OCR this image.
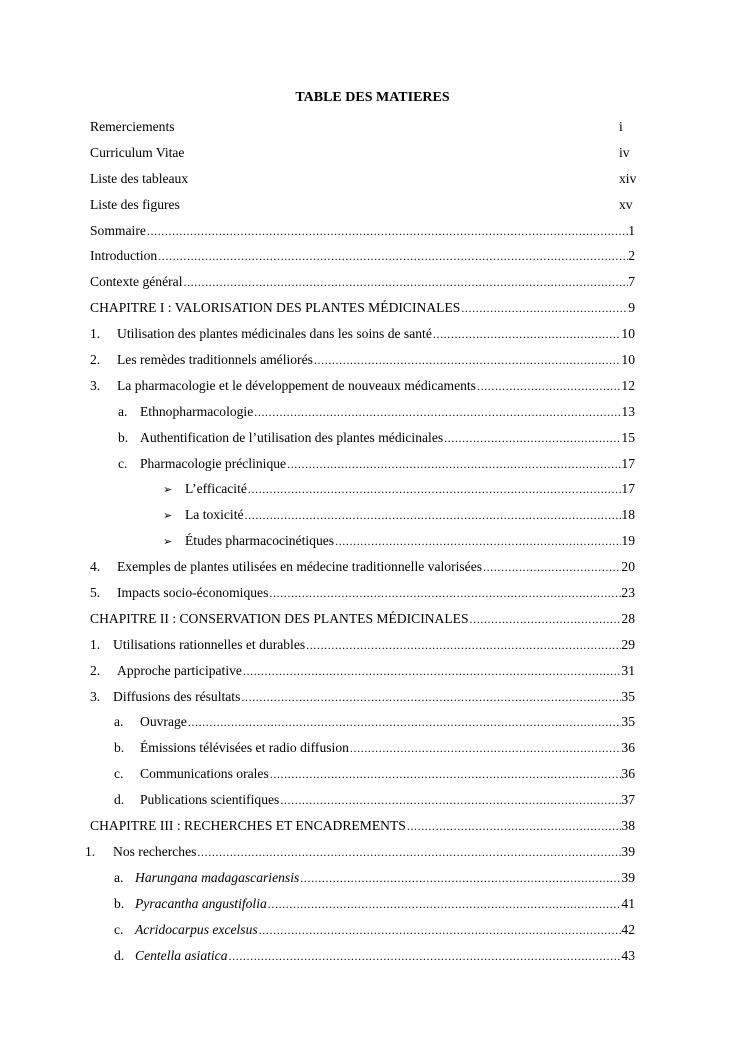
TABLE DES MATIERES
Remerciements	i
Curriculum Vitae	iv
Liste des tableaux	xiv
Liste des figures	xv
Sommaire .....	1
Introduction .....	2
Contexte général .....	7
CHAPITRE I : VALORISATION DES PLANTES MÉDICINALES .....	9
1.	Utilisation des plantes médicinales dans les soins de santé .....	10
2.	Les remèdes traditionnels améliorés .....	10
3.	La pharmacologie et le développement de nouveaux médicaments .....	12
a. Ethnopharmacologie .....	13
b. Authentification de l’utilisation des plantes médicinales .....	15
c. Pharmacologie préclinique .....	17
➢ L’efficacité .....	17
➢ La toxicité .....	18
➢ Études pharmacocinétiques .....	19
4.	Exemples de plantes utilisées en médecine traditionnelle valorisées .....	20
5.	Impacts socio-économiques .....	23
CHAPITRE II : CONSERVATION DES PLANTES MÉDICINALES .....	28
1. Utilisations rationnelles et durables .....	29
2.	Approche participative .....	31
3. Diffusions des résultats .....	35
a.	Ouvrage .....	35
b.	Émissions télévisées et radio diffusion .....	36
c.	Communications orales .....	36
d.	Publications scientifiques .....	37
CHAPITRE III : RECHERCHES ET ENCADREMENTS .....	38
1.	Nos recherches .....	39
a. Harungana madagascariensis .....	39
b. Pyracantha angustifolia .....	41
c. Acridocarpus excelsus .....	42
d. Centella asiatica .....	43
